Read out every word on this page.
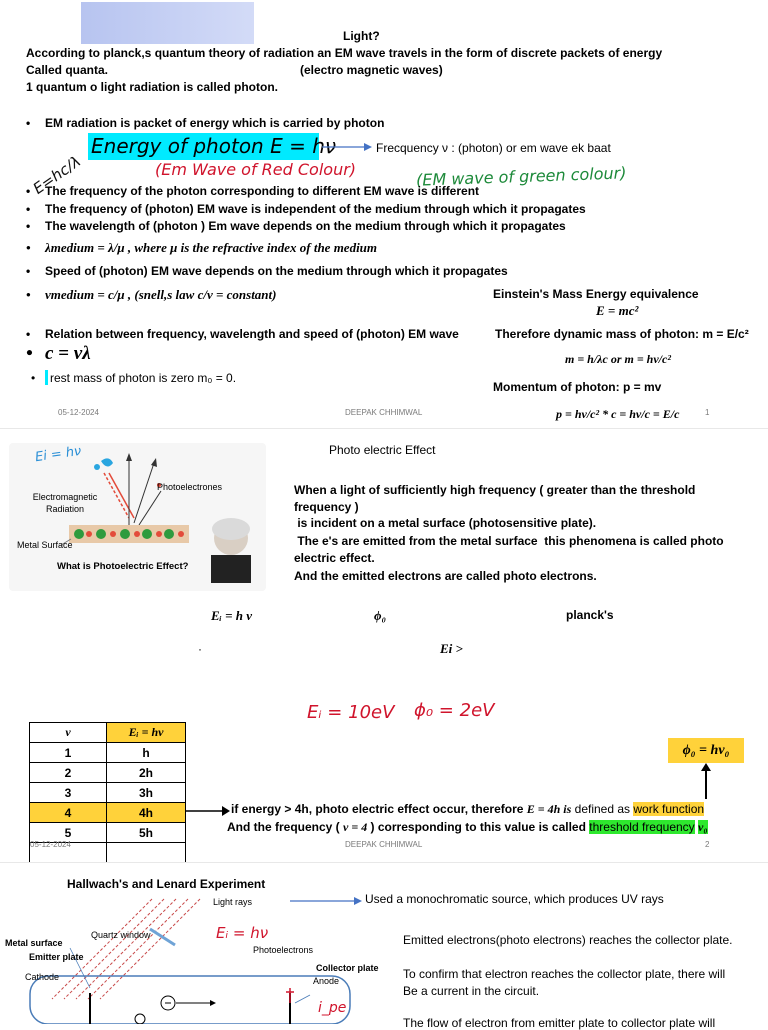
Light?
According to planck,s quantum theory of radiation an EM wave travels in the form of discrete packets of energy
Called quanta.	(electro magnetic waves)
1 quantum o light radiation is called photon.
• EM radiation is packet of energy which is carried by photon
Energy of photon E = hν	Frecquency ν : (photon) or em wave ek baat
(Em Wave of Red Colour)	(EM wave of green colour)
E=hc/λ
• The frequency of the photon corresponding to different EM wave is different
• The frequency of (photon) EM wave is independent of the medium through which it propagates
• The wavelength of (photon ) Em wave depends on the medium through which it propagates
• λmedium = λ/μ , where μ is the refractive index of the medium
• Speed of (photon) EM wave depends on the medium through which it propagates
• vmedium = c/μ , (snell,s law c/v = constant)	Einstein's Mass Energy equivalence
E = mc²
• Relation between frequency, wavelength and speed of (photon) EM wave	Therefore dynamic mass of photon: m = E/c²
• c = νλ	m = h/λc or m = hν/c²
• rest mass of photon is zero m₀ = 0.
Momentum of photon: p = mv
p = hν/c² * c = hν/c = E/c
05-12-2024	DEEPAK CHHIMWAL	1
Photo electric Effect
Electromagnetic
Radiation
Metal Surface
Photoelectrones
What is Photoelectric Effect?
Ei = hν
When a light of sufficiently high frequency ( greater than the threshold
frequency )
is incident on a metal surface (photosensitive plate).
The e's are emitted from the metal surface  this phenomena is called photo
electric effect.
And the emitted electrons are called photo electrons.
Eᵢ = h ν	ϕ₀	planck's
·	Ei >
Eᵢ = 10eV ϕ₀ = 2eV
ν	Eᵢ = hν
1	h
2	2h
3	3h
4	4h
5	5h

ϕ₀ = hν₀
if energy > 4h, photo electric effect occur, therefore E = 4h is defined as work function
And the frequency ( ν = 4 ) corresponding to this value is called threshold frequency ν₀
05-12-2024	DEEPAK CHHIMWAL	2
Hallwach's and Lenard Experiment
Used a monochromatic source, which produces UV rays
Light rays
Quartz window
Metal surface
Emitter plate
Cathode
Photoelectrons
Collector plate
Anode
Eᵢ = hν
i_pe
Emitted electrons(photo electrons) reaches the collector plate.
To confirm that electron reaches the collector plate, there will
Be a current in the circuit.
The flow of electron from emitter plate to collector plate will
